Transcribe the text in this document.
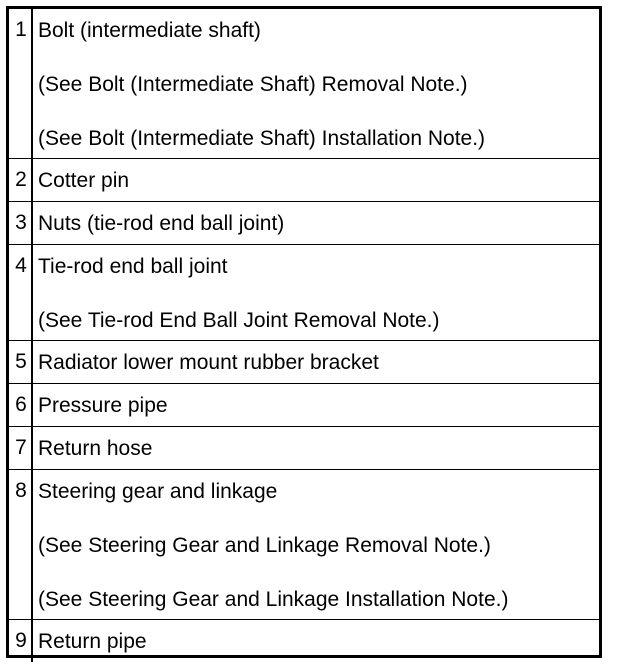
1 Bolt (intermediate shaft)
(See Bolt (Intermediate Shaft) Removal Note.)
(See Bolt (Intermediate Shaft) Installation Note.)
2 Cotter pin
3 Nuts (tie-rod end ball joint)
4 Tie-rod end ball joint
(See Tie-rod End Ball Joint Removal Note.)
5 Radiator lower mount rubber bracket
6 Pressure pipe
7 Return hose
8 Steering gear and linkage
(See Steering Gear and Linkage Removal Note.)
(See Steering Gear and Linkage Installation Note.)
9 Return pipe
